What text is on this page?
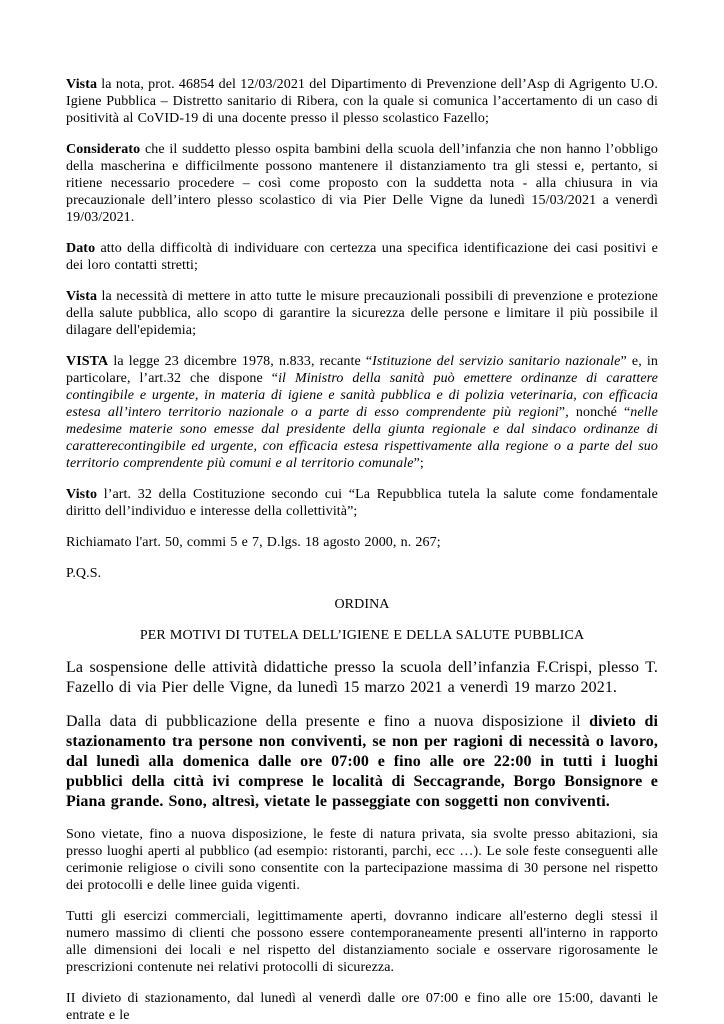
Vista la nota, prot. 46854 del 12/03/2021 del Dipartimento di Prevenzione dell’Asp di Agrigento U.O. Igiene Pubblica – Distretto sanitario di Ribera, con la quale si comunica l’accertamento di un caso di positività al CoVID-19 di una docente presso il plesso scolastico Fazello;

Considerato che il suddetto plesso ospita bambini della scuola dell’infanzia che non hanno l’obbligo della mascherina e difficilmente possono mantenere il distanziamento tra gli stessi e, pertanto, si ritiene necessario procedere – così come proposto con la suddetta nota - alla chiusura in via precauzionale dell’intero plesso scolastico di via Pier Delle Vigne da lunedì 15/03/2021 a venerdì 19/03/2021.

Dato atto della difficoltà di individuare con certezza una specifica identificazione dei casi positivi e dei loro contatti stretti;

Vista la necessità di mettere in atto tutte le misure precauzionali possibili di prevenzione e protezione della salute pubblica, allo scopo di garantire la sicurezza delle persone e limitare il più possibile il dilagare dell'epidemia;

VISTA la legge 23 dicembre 1978, n.833, recante “Istituzione del servizio sanitario nazionale” e, in particolare, l’art.32 che dispone “il Ministro della sanità può emettere ordinanze di carattere contingibile e urgente, in materia di igiene e sanità pubblica e di polizia veterinaria, con efficacia estesa all’intero territorio nazionale o a parte di esso comprendente più regioni”, nonché “nelle medesime materie sono emesse dal presidente della giunta regionale e dal sindaco ordinanze di caratterecontingibile ed urgente, con efficacia estesa rispettivamente alla regione o a parte del suo territorio comprendente più comuni e al territorio comunale”;

Visto l’art. 32 della Costituzione secondo cui “La Repubblica tutela la salute come fondamentale diritto dell’individuo e interesse della collettività”;

Richiamato l'art. 50, commi 5 e 7, D.lgs. 18 agosto 2000, n. 267;

P.Q.S.

ORDINA

PER MOTIVI DI TUTELA DELL’IGIENE E DELLA SALUTE PUBBLICA

La sospensione delle attività didattiche presso la scuola dell’infanzia F.Crispi, plesso T. Fazello di via Pier delle Vigne, da lunedì 15 marzo 2021 a venerdì 19 marzo 2021.

Dalla data di pubblicazione della presente e fino a nuova disposizione il divieto di stazionamento tra persone non conviventi, se non per ragioni di necessità o lavoro, dal lunedì alla domenica dalle ore 07:00 e fino alle ore 22:00 in tutti i luoghi pubblici della città ivi comprese le località di Seccagrande, Borgo Bonsignore e Piana grande. Sono, altresì, vietate le passeggiate con soggetti non conviventi.

Sono vietate, fino a nuova disposizione, le feste di natura privata, sia svolte presso abitazioni, sia presso luoghi aperti al pubblico (ad esempio: ristoranti, parchi, ecc …). Le sole feste conseguenti alle cerimonie religiose o civili sono consentite con la partecipazione massima di 30 persone nel rispetto dei protocolli e delle linee guida vigenti.

Tutti gli esercizi commerciali, legittimamente aperti, dovranno indicare all'esterno degli stessi il numero massimo di clienti che possono essere contemporaneamente presenti all'interno in rapporto alle dimensioni dei locali e nel rispetto del distanziamento sociale e osservare rigorosamente le prescrizioni contenute nei relativi protocolli di sicurezza.

II divieto di stazionamento, dal lunedì al venerdì dalle ore 07:00 e fino alle ore 15:00, davanti le entrate e le
